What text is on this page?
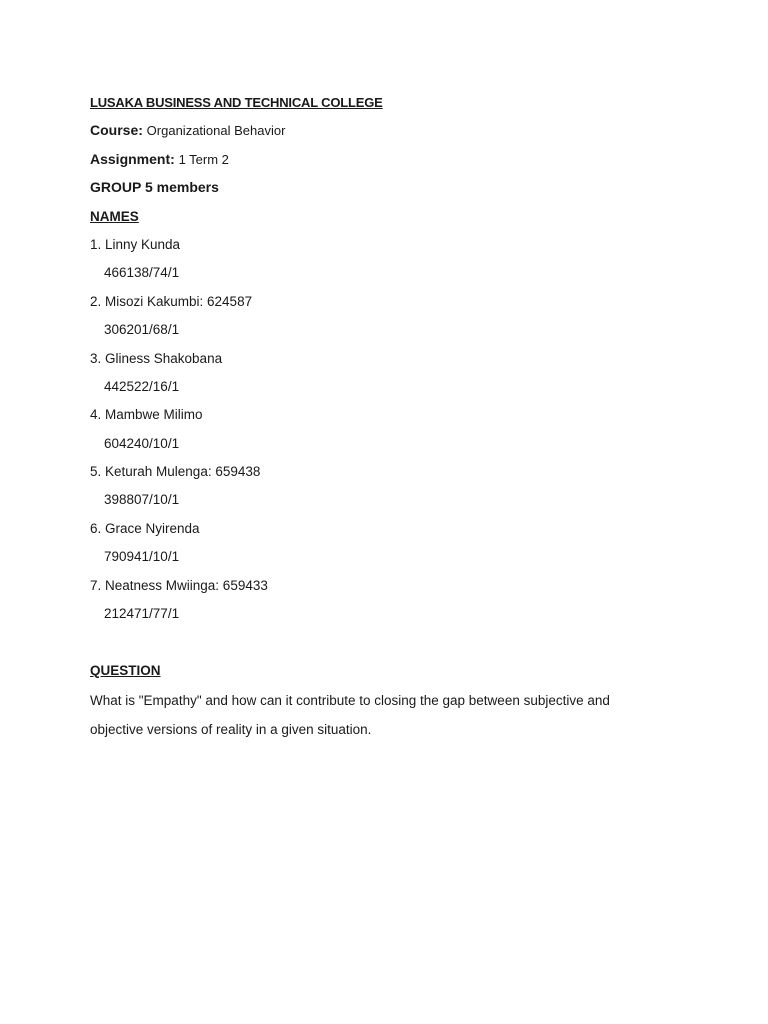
LUSAKA BUSINESS AND TECHNICAL COLLEGE
Course: Organizational Behavior
Assignment: 1 Term 2
GROUP 5 members
NAMES
1. Linny Kunda
466138/74/1
2. Misozi Kakumbi: 624587
306201/68/1
3. Gliness Shakobana
442522/16/1
4. Mambwe Milimo
604240/10/1
5. Keturah Mulenga: 659438
398807/10/1
6. Grace Nyirenda
790941/10/1
7. Neatness Mwiinga: 659433
212471/77/1
QUESTION
What is "Empathy" and how can it contribute to closing the gap between subjective and objective versions of reality in a given situation.
